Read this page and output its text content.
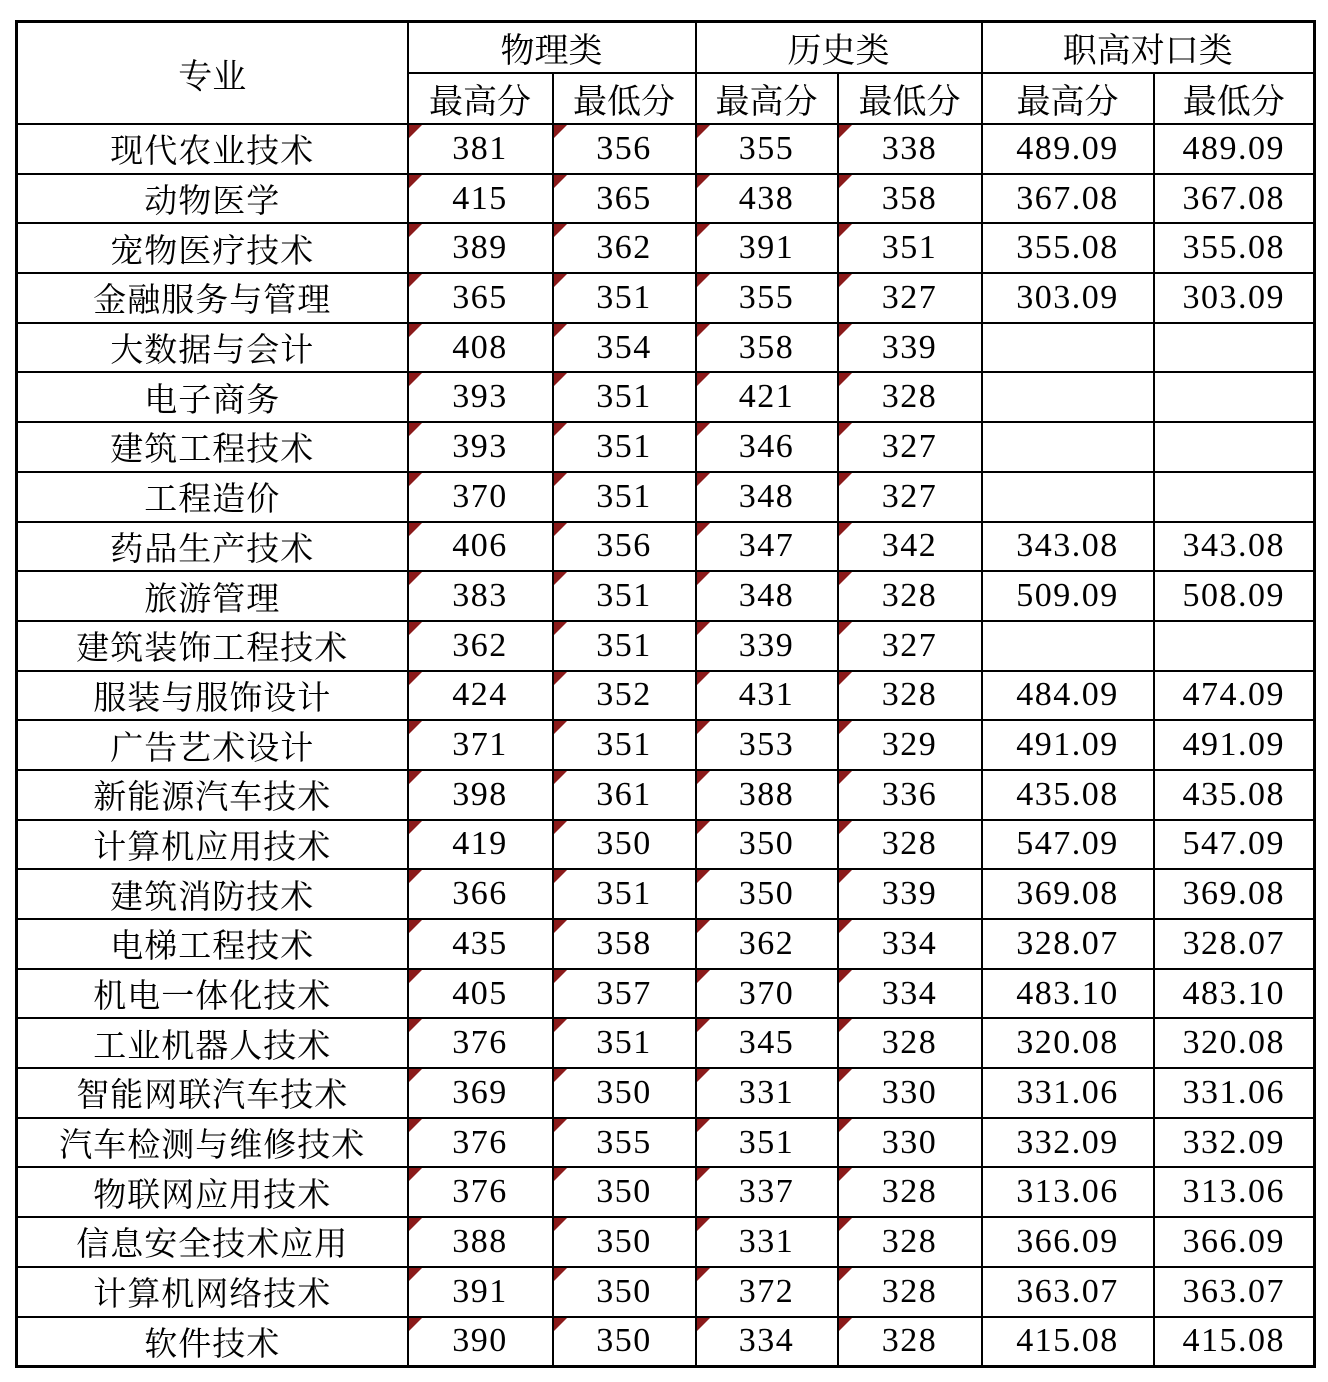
专业	物理类		历史类		职高对口类	
	最高分	最低分	最高分	最低分	最高分	最低分
现代农业技术	381	356	355	338	489.09	489.09
动物医学	415	365	438	358	367.08	367.08
宠物医疗技术	389	362	391	351	355.08	355.08
金融服务与管理	365	351	355	327	303.09	303.09
大数据与会计	408	354	358	339		
电子商务	393	351	421	328		
建筑工程技术	393	351	346	327		
工程造价	370	351	348	327		
药品生产技术	406	356	347	342	343.08	343.08
旅游管理	383	351	348	328	509.09	508.09
建筑装饰工程技术	362	351	339	327		
服装与服饰设计	424	352	431	328	484.09	474.09
广告艺术设计	371	351	353	329	491.09	491.09
新能源汽车技术	398	361	388	336	435.08	435.08
计算机应用技术	419	350	350	328	547.09	547.09
建筑消防技术	366	351	350	339	369.08	369.08
电梯工程技术	435	358	362	334	328.07	328.07
机电一体化技术	405	357	370	334	483.10	483.10
工业机器人技术	376	351	345	328	320.08	320.08
智能网联汽车技术	369	350	331	330	331.06	331.06
汽车检测与维修技术	376	355	351	330	332.09	332.09
物联网应用技术	376	350	337	328	313.06	313.06
信息安全技术应用	388	350	331	328	366.09	366.09
计算机网络技术	391	350	372	328	363.07	363.07
软件技术	390	350	334	328	415.08	415.08
